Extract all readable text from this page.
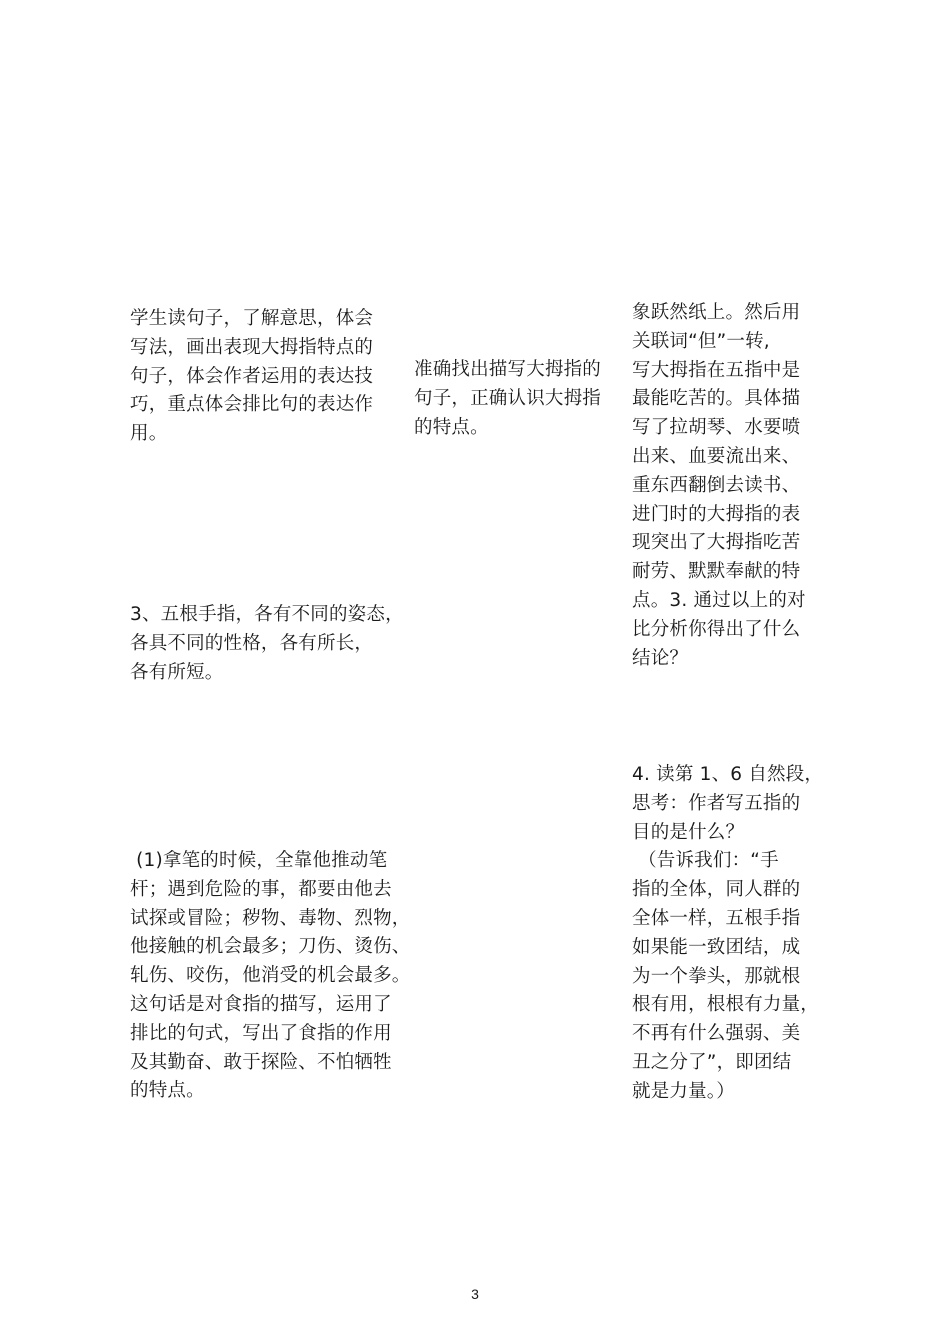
学生读句子，了解意思，体会

写法，画出表现大拇指特点的

句子，体会作者运用的表达技

巧，重点体会排比句的表达作

用。

3、五根手指，各有不同的姿态，

各具不同的性格，各有所长，

各有所短。

(1)拿笔的时候，全靠他推动笔

杆；遇到危险的事，都要由他去

试探或冒险；秽物、毒物、烈物，

他接触的机会最多；刀伤、烫伤、

轧伤、咬伤，他消受的机会最多。

这句话是对食指的描写，运用了

排比的句式，写出了食指的作用

及其勤奋、敢于探险、不怕牺牲

的特点。

准确找出描写大拇指的

句子，正确认识大拇指

的特点。

象跃然纸上。然后用

关联词“但”一转,

写大拇指在五指中是

最能吃苦的。具体描

写了拉胡琴、水要喷

出来、血要流出来、

重东西翻倒去读书、

进门时的大拇指的表

现突出了大拇指吃苦

耐劳、默默奉献的特

点。3. 通过以上的对

比分析你得出了什么

结论？

4. 读第 1、6 自然段，

思考：作者写五指的

目的是什么？

（告诉我们：“手

指的全体，同人群的

全体一样，五根手指

如果能一致团结，成

为一个拳头，那就根

根有用，根根有力量，

不再有什么强弱、美

丑之分了”，即团结

就是力量。）

3
